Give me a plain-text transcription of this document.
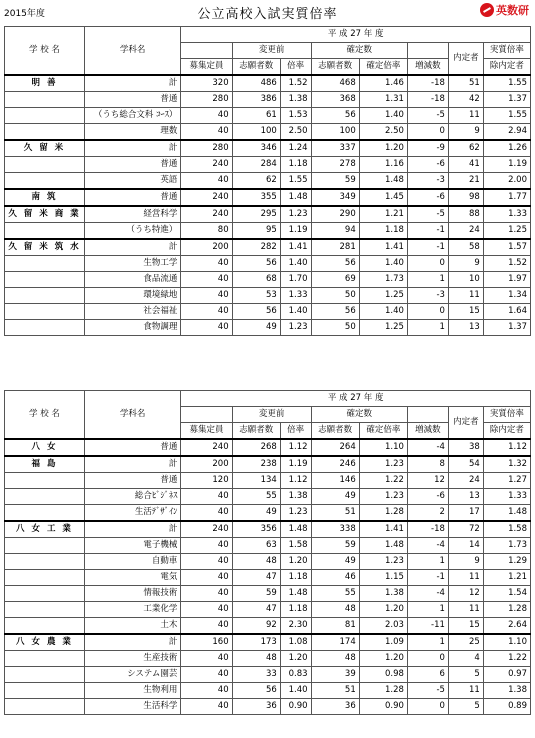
2015年度	公立高校入試実質倍率	英数研
学 校 名	学科名	平 成 27 年 度							
			変更前		確定数			内定者	実質倍率
		募集定員	志願者数	倍率	志願者数	確定倍率	増減数		除内定者
明 善	計	320	486	1.52	468	1.46	-18	51	1.55
	普通	280	386	1.38	368	1.31	-18	42	1.37
	（うち総合文科 ｺｰｽ）	40	61	1.53	56	1.40	-5	11	1.55
	理数	40	100	2.50	100	2.50	0	9	2.94
久 留 米	計	280	346	1.24	337	1.20	-9	62	1.26
	普通	240	284	1.18	278	1.16	-6	41	1.19
	英語	40	62	1.55	59	1.48	-3	21	2.00
南 筑	普通	240	355	1.48	349	1.45	-6	98	1.77
久 留 米 商 業	経営科学	240	295	1.23	290	1.21	-5	88	1.33
	（うち特進）	80	95	1.19	94	1.18	-1	24	1.25
久 留 米 筑 水	計	200	282	1.41	281	1.41	-1	58	1.57
	生物工学	40	56	1.40	56	1.40	0	9	1.52
	食品流通	40	68	1.70	69	1.73	1	10	1.97
	環境緑地	40	53	1.33	50	1.25	-3	11	1.34
	社会福祉	40	56	1.40	56	1.40	0	15	1.64
	食物調理	40	49	1.23	50	1.25	1	13	1.37
学 校 名	学科名	平 成 27 年 度							
			変更前		確定数			内定者	実質倍率
		募集定員	志願者数	倍率	志願者数	確定倍率	増減数		除内定者
八 女	普通	240	268	1.12	264	1.10	-4	38	1.12
福 島	計	200	238	1.19	246	1.23	8	54	1.32
	普通	120	134	1.12	146	1.22	12	24	1.27
	総合ﾋﾞｼﾞﾈｽ	40	55	1.38	49	1.23	-6	13	1.33
	生活ﾃﾞｻﾞｲﾝ	40	49	1.23	51	1.28	2	17	1.48
八 女 工 業	計	240	356	1.48	338	1.41	-18	72	1.58
	電子機械	40	63	1.58	59	1.48	-4	14	1.73
	自動車	40	48	1.20	49	1.23	1	9	1.29
	電気	40	47	1.18	46	1.15	-1	11	1.21
	情報技術	40	59	1.48	55	1.38	-4	12	1.54
	工業化学	40	47	1.18	48	1.20	1	11	1.28
	土木	40	92	2.30	81	2.03	-11	15	2.64
八 女 農 業	計	160	173	1.08	174	1.09	1	25	1.10
	生産技術	40	48	1.20	48	1.20	0	4	1.22
	システム園芸	40	33	0.83	39	0.98	6	5	0.97
	生物利用	40	56	1.40	51	1.28	-5	11	1.38
	生活科学	40	36	0.90	36	0.90	0	5	0.89
